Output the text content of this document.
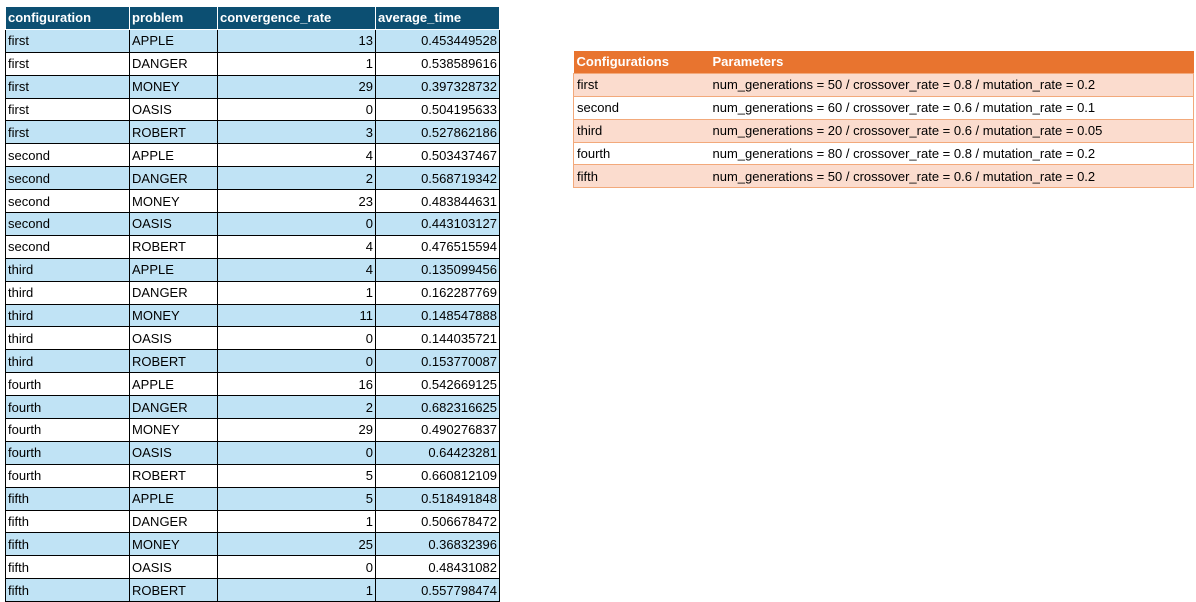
configuration	problem	convergence_rate	average_time
first	APPLE	13	0.453449528
first	DANGER	1	0.538589616
first	MONEY	29	0.397328732
first	OASIS	0	0.504195633
first	ROBERT	3	0.527862186
second	APPLE	4	0.503437467
second	DANGER	2	0.568719342
second	MONEY	23	0.483844631
second	OASIS	0	0.443103127
second	ROBERT	4	0.476515594
third	APPLE	4	0.135099456
third	DANGER	1	0.162287769
third	MONEY	11	0.148547888
third	OASIS	0	0.144035721
third	ROBERT	0	0.153770087
fourth	APPLE	16	0.542669125
fourth	DANGER	2	0.682316625
fourth	MONEY	29	0.490276837
fourth	OASIS	0	0.64423281
fourth	ROBERT	5	0.660812109
fifth	APPLE	5	0.518491848
fifth	DANGER	1	0.506678472
fifth	MONEY	25	0.36832396
fifth	OASIS	0	0.48431082
fifth	ROBERT	1	0.557798474
Configurations	Parameters
first	num_generations = 50 / crossover_rate = 0.8 / mutation_rate = 0.2
second	num_generations = 60 / crossover_rate = 0.6 / mutation_rate = 0.1
third	num_generations = 20 / crossover_rate = 0.6 / mutation_rate = 0.05
fourth	num_generations = 80 / crossover_rate = 0.8 / mutation_rate = 0.2
fifth	num_generations = 50 / crossover_rate = 0.6 / mutation_rate = 0.2
